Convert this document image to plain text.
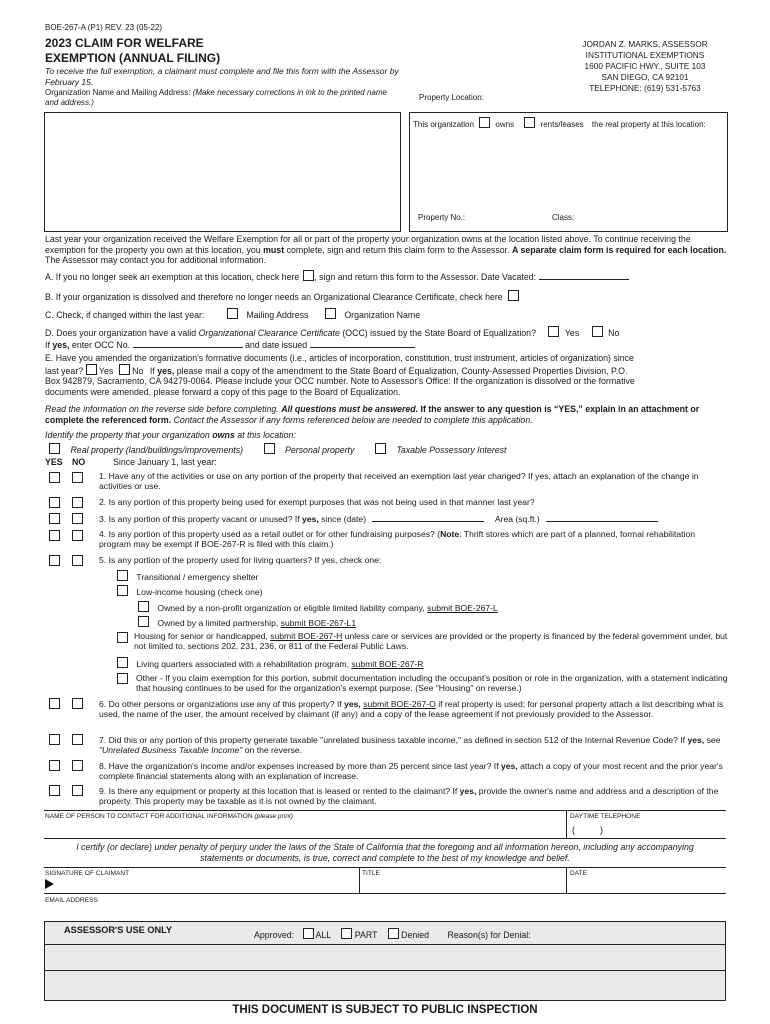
BOE-267-A (P1) REV. 23 (05-22)
2023 CLAIM FOR WELFARE
EXEMPTION (ANNUAL FILING)
To receive the full exemption, a claimant must complete and file this form with the Assessor by February 15.
Organization Name and Mailing Address: (Make necessary corrections in ink to the printed name and address.)
JORDAN Z. MARKS, ASSESSOR
INSTITUTIONAL EXEMPTIONS
1600 PACIFIC HWY., SUITE 103
SAN DIEGO, CA 92101
TELEPHONE: (619) 531-5763
Property Location:
This organization	owns	rents/leases the real property at this location:
Property No.:	Class:
Last year your organization received the Welfare Exemption for all or part of the property your organization owns at the location listed above. To continue receiving the exemption for the property you own at this location, you must complete, sign and return this claim form to the Assessor. A separate claim form is required for each location. The Assessor may contact you for additional information.
A. If you no longer seek an exemption at this location, check here , sign and return this form to the Assessor. Date Vacated:
B. If your organization is dissolved and therefore no longer needs an Organizational Clearance Certificate, check here
C. Check, if changed within the last year:	Mailing Address	Organization Name
D. Does your organization have a valid Organizational Clearance Certificate (OCC) issued by the State Board of Equalization?	Yes	No
If yes, enter OCC No.	and date issued
E. Have you amended the organization's formative documents (i.e., articles of incorporation, constitution, trust instrument, articles of organization) since
last year? Yes No If yes, please mail a copy of the amendment to the State Board of Equalization, County-Assessed Properties Division, P.O.
Box 942879, Sacramento, CA 94279-0064. Please include your OCC number. Note to Assessor's Office: If the organization is dissolved or the formative
documents were amended, please forward a copy of this page to the Board of Equalization.
Read the information on the reverse side before completing. All questions must be answered. If the answer to any question is “YES,” explain in an attachment or complete the referenced form. Contact the Assessor if any forms referenced below are needed to complete this application.
Identify the property that your organization owns at this location:
Real property (land/buildings/improvements)	Personal property	Taxable Possessory Interest
YES NO	Since January 1, last year:
1. Have any of the activities or use on any portion of the property that received an exemption last year changed? If yes, attach an explanation of the change in activities or use.
2. Is any portion of this property being used for exempt purposes that was not being used in that manner last year?
3. Is any portion of this property vacant or unused? If yes, since (date)	Area (sq.ft.)
4. Is any portion of this property used as a retail outlet or for other fundraising purposes? (Note: Thrift stores which are part of a planned, formal rehabilitation program may be exempt if BOE-267-R is filed with this claim.)
5. Is any portion of the property used for living quarters? If yes, check one:
Transitional / emergency shelter
Low-income housing (check one)
Owned by a non-profit organization or eligible limited liability company, submit BOE-267-L
Owned by a limited partnership, submit BOE-267-L1
Housing for senior or handicapped, submit BOE-267-H unless care or services are provided or the property is financed by the federal government under, but not limited to, sections 202, 231, 236, or 811 of the Federal Public Laws.
Living quarters associated with a rehabilitation program, submit BOE-267-R
Other - If you claim exemption for this portion, submit documentation including the occupant's position or role in the organization, with a statement indicating that housing continues to be used for the organization's exempt purpose. (See "Housing" on reverse.)
6. Do other persons or organizations use any of this property? If yes, submit BOE-267-O if real property is used; for personal property attach a list describing what is used, the name of the user, the amount received by claimant (if any) and a copy of the lease agreement if not previously provided to the Assessor.
7. Did this or any portion of this property generate taxable "unrelated business taxable income," as defined in section 512 of the Internal Revenue Code? If yes, see "Unrelated Business Taxable Income" on the reverse.
8. Have the organization's income and/or expenses increased by more than 25 percent since last year? If yes, attach a copy of your most recent and the prior year's complete financial statements along with an explanation of increase.
9. Is there any equipment or property at this location that is leased or rented to the claimant? If yes, provide the owner's name and address and a description of the property. This property may be taxable as it is not owned by the claimant.
NAME OF PERSON TO CONTACT FOR ADDITIONAL INFORMATION (please print)	DAYTIME TELEPHONE
(          )
I certify (or declare) under penalty of perjury under the laws of the State of California that the foregoing and all information hereon, including any accompanying statements or documents, is true, correct and complete to the best of my knowledge and belief.
SIGNATURE OF CLAIMANT	TITLE	DATE
EMAIL ADDRESS
ASSESSOR'S USE ONLY	Approved: ALL	PART	Denied Reason(s) for Denial:
THIS DOCUMENT IS SUBJECT TO PUBLIC INSPECTION
